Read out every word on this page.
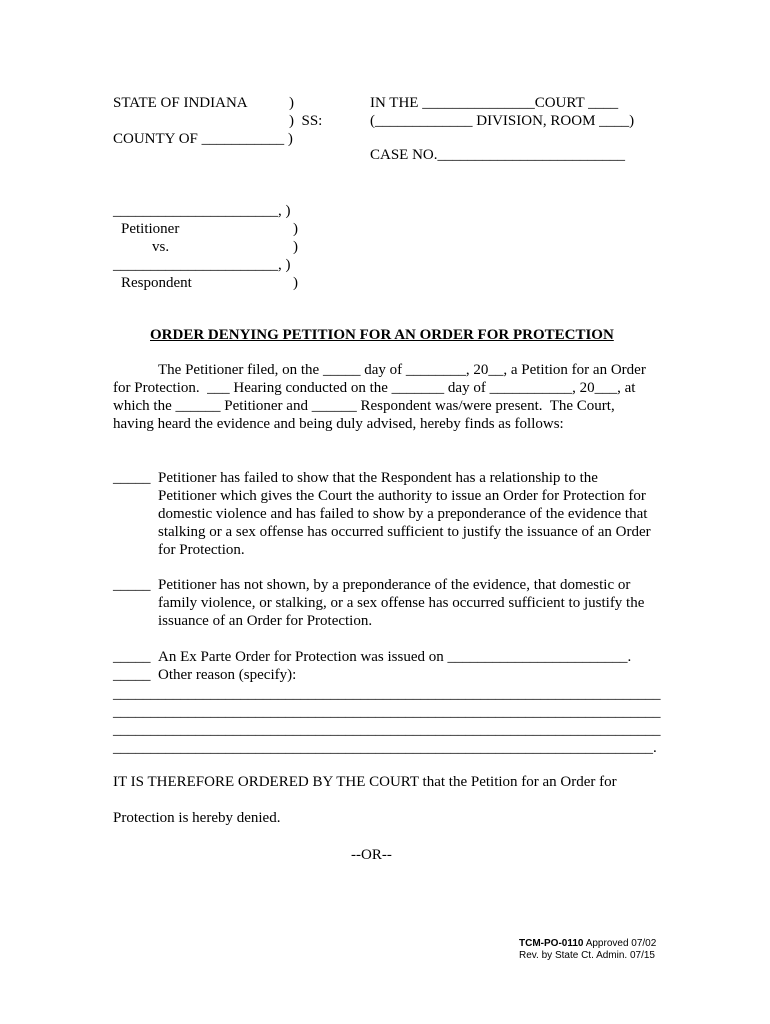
STATE OF INDIANA	)
)  SS:
COUNTY OF ___________ )
IN THE _______________COURT ____
(_____________ DIVISION, ROOM ____)
CASE NO._________________________
______________________, )
Petitioner	)
vs.	)
______________________, )
Respondent	)
ORDER DENYING PETITION FOR AN ORDER FOR PROTECTION
The Petitioner filed, on the _____ day of ________, 20__, a Petition for an Order
for Protection.  ___ Hearing conducted on the _______ day of ___________, 20___, at
which the ______ Petitioner and ______ Respondent was/were present.  The Court,
having heard the evidence and being duly advised, hereby finds as follows:
_____ Petitioner has failed to show that the Respondent has a relationship to the
Petitioner which gives the Court the authority to issue an Order for Protection for
domestic violence and has failed to show by a preponderance of the evidence that
stalking or a sex offense has occurred sufficient to justify the issuance of an Order
for Protection.
_____ Petitioner has not shown, by a preponderance of the evidence, that domestic or
family violence, or stalking, or a sex offense has occurred sufficient to justify the
issuance of an Order for Protection.
_____ An Ex Parte Order for Protection was issued on ________________________.
_____ Other reason (specify):
_________________________________________________________________________
_________________________________________________________________________
_________________________________________________________________________
________________________________________________________________________.
IT IS THEREFORE ORDERED BY THE COURT that the Petition for an Order for
Protection is hereby denied.
--OR--
TCM-PO-0110 Approved 07/02
Rev. by State Ct. Admin. 07/15
